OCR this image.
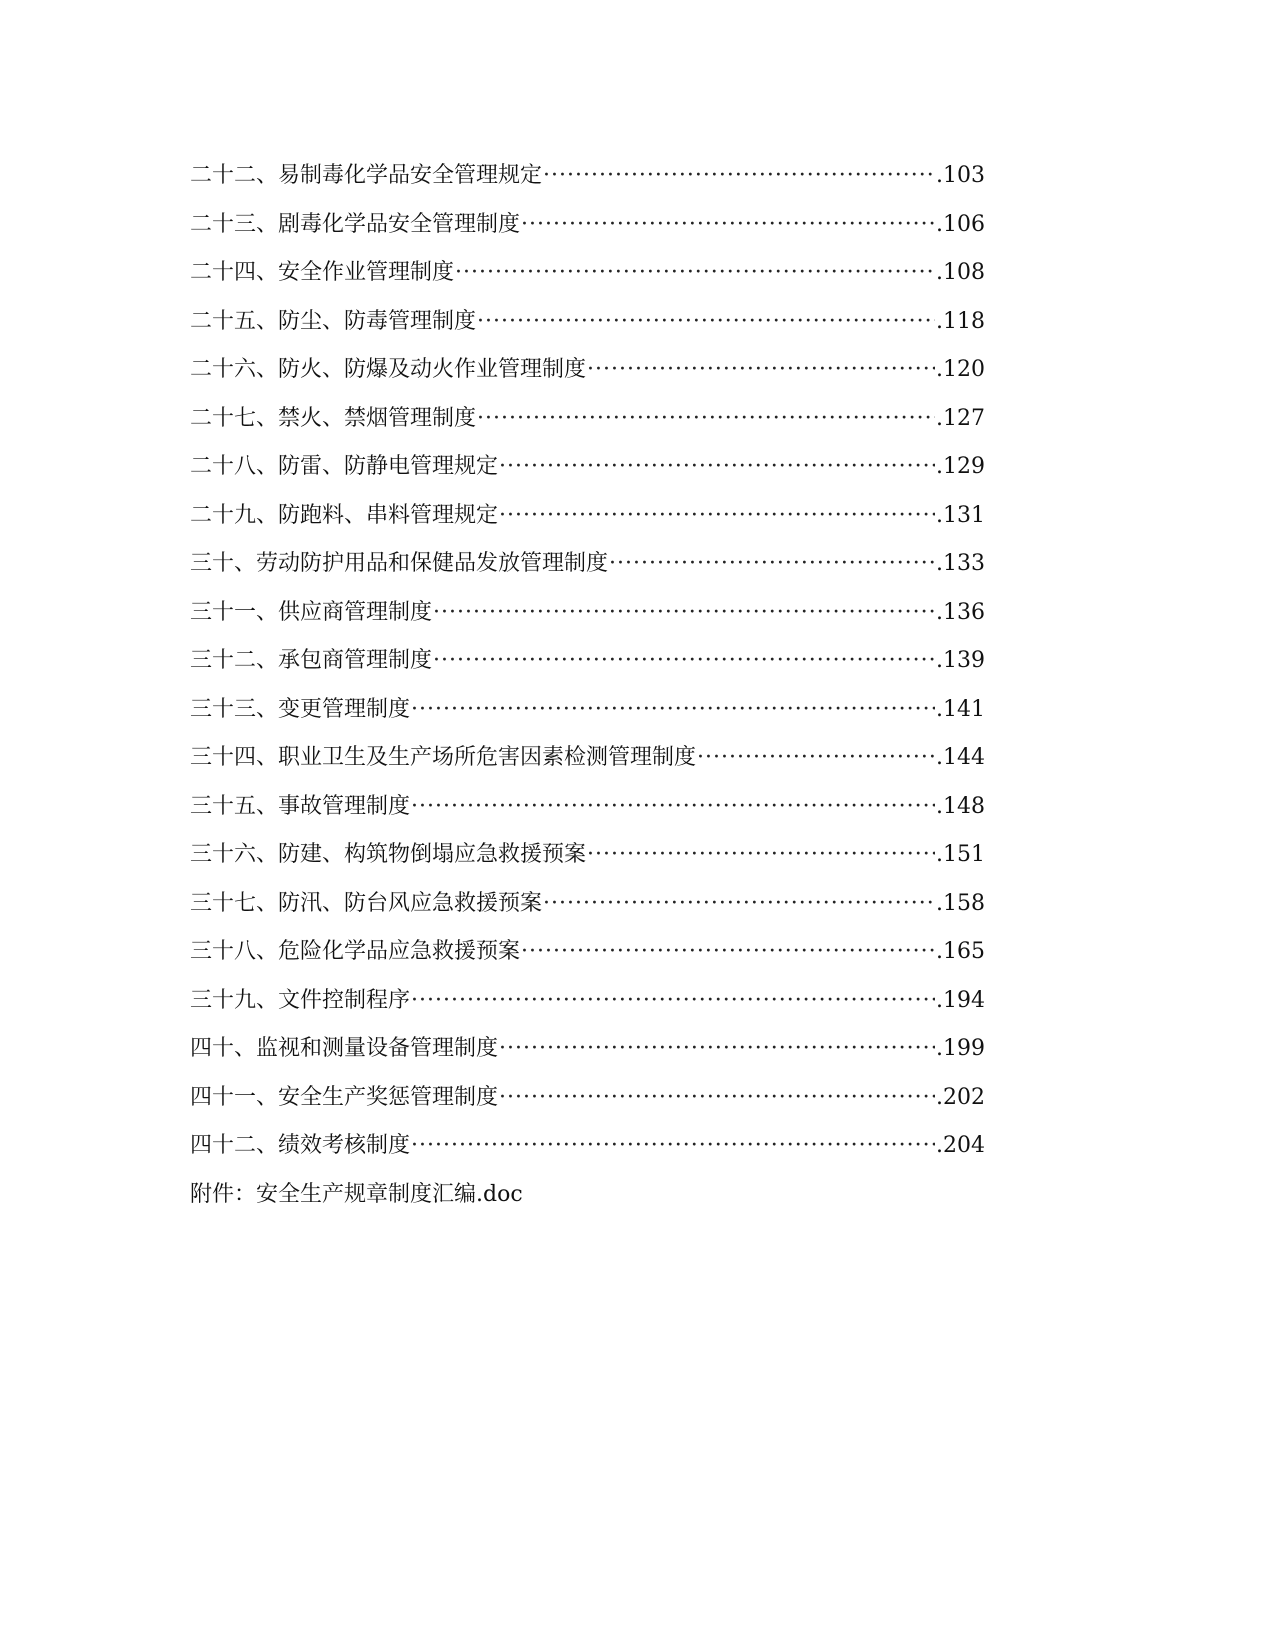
二十二、易制毒化学品安全管理规定 ·····	.103
二十三、剧毒化学品安全管理制度 ·····	.106
二十四、安全作业管理制度 ·····	.108
二十五、防尘、防毒管理制度 ·····	.118
二十六、防火、防爆及动火作业管理制度 ·····	.120
二十七、禁火、禁烟管理制度 ·····	.127
二十八、防雷、防静电管理规定 ·····	.129
二十九、防跑料、串料管理规定 ·····	.131
三十、劳动防护用品和保健品发放管理制度 ·····	.133
三十一、供应商管理制度 ·····	.136
三十二、承包商管理制度 ·····	.139
三十三、变更管理制度 ·····	.141
三十四、职业卫生及生产场所危害因素检测管理制度 ·····	.144
三十五、事故管理制度 ·····	.148
三十六、防建、构筑物倒塌应急救援预案 ·····	.151
三十七、防汛、防台风应急救援预案 ·····	.158
三十八、危险化学品应急救援预案 ·····	.165
三十九、文件控制程序 ·····	.194
四十、监视和测量设备管理制度 ·····	.199
四十一、安全生产奖惩管理制度 ·····	.202
四十二、绩效考核制度 ·····	.204
附件：安全生产规章制度汇编.doc
